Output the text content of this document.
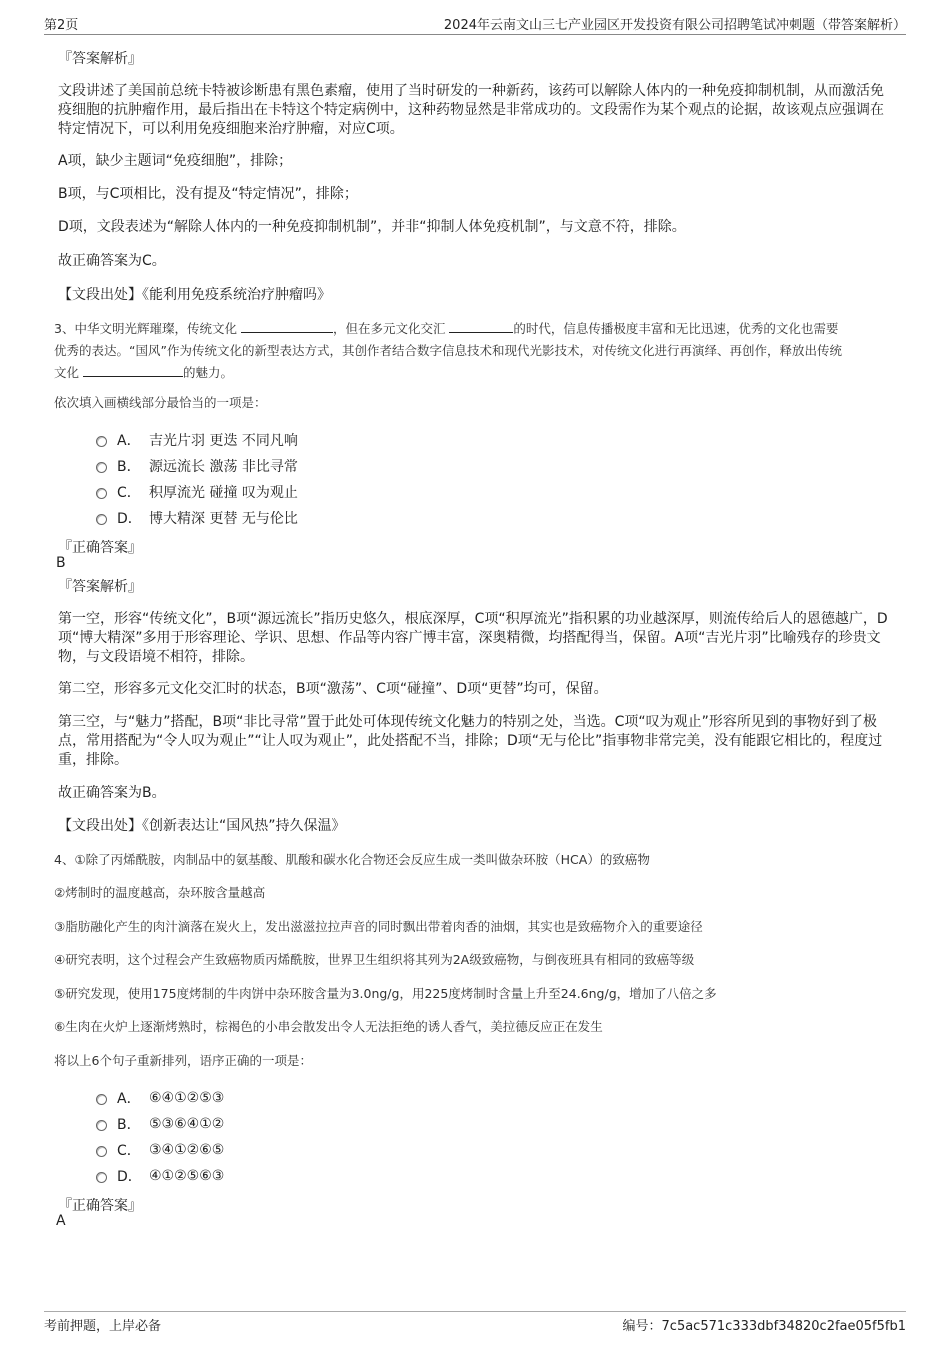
第2页	2024年云南文山三七产业园区开发投资有限公司招聘笔试冲刺题（带答案解析）
『答案解析』
文段讲述了美国前总统卡特被诊断患有黑色素瘤，使用了当时研发的一种新药，该药可以解除人体内的一种免疫抑制机制，从而激活免疫细胞的抗肿瘤作用，最后指出在卡特这个特定病例中，这种药物显然是非常成功的。文段需作为某个观点的论据，故该观点应强调在特定情况下，可以利用免疫细胞来治疗肿瘤，对应C项。
A项，缺少主题词“免疫细胞”，排除；
B项，与C项相比，没有提及“特定情况”，排除；
D项，文段表述为“解除人体内的一种免疫抑制机制”，并非“抑制人体免疫机制”，与文意不符，排除。
故正确答案为C。
【文段出处】《能利用免疫系统治疗肿瘤吗》
3、中华文明光辉璀璨，传统文化	，但在多元文化交汇	的时代，信息传播极度丰富和无比迅速，优秀的文化也需要
优秀的表达。“国风”作为传统文化的新型表达方式，其创作者结合数字信息技术和现代光影技术，对传统文化进行再演绎、再创作，释放出传统
文化	的魅力。
依次填入画横线部分最恰当的一项是：
A． 吉光片羽 更迭 不同凡响
B． 源远流长 激荡 非比寻常
C． 积厚流光 碰撞 叹为观止
D． 博大精深 更替 无与伦比
『正确答案』
B
『答案解析』
第一空，形容“传统文化”，B项“源远流长”指历史悠久，根底深厚，C项“积厚流光”指积累的功业越深厚，则流传给后人的恩德越广，D项“博大精深”多用于形容理论、学识、思想、作品等内容广博丰富，深奥精微，均搭配得当，保留。A项“吉光片羽”比喻残存的珍贵文物，与文段语境不相符，排除。
第二空，形容多元文化交汇时的状态，B项“激荡”、C项“碰撞”、D项“更替”均可，保留。
第三空，与“魅力”搭配，B项“非比寻常”置于此处可体现传统文化魅力的特别之处，当选。C项“叹为观止”形容所见到的事物好到了极点，常用搭配为“令人叹为观止”“让人叹为观止”，此处搭配不当，排除；D项“无与伦比”指事物非常完美，没有能跟它相比的，程度过重，排除。
故正确答案为B。
【文段出处】《创新表达让“国风热”持久保温》
4、①除了丙烯酰胺，肉制品中的氨基酸、肌酸和碳水化合物还会反应生成一类叫做杂环胺（HCA）的致癌物
②烤制时的温度越高，杂环胺含量越高
③脂肪融化产生的肉汁滴落在炭火上，发出滋滋拉拉声音的同时飘出带着肉香的油烟，其实也是致癌物介入的重要途径
④研究表明，这个过程会产生致癌物质丙烯酰胺，世界卫生组织将其列为2A级致癌物，与倒夜班具有相同的致癌等级
⑤研究发现，使用175度烤制的牛肉饼中杂环胺含量为3.0ng/g，用225度烤制时含量上升至24.6ng/g，增加了八倍之多
⑥生肉在火炉上逐渐烤熟时，棕褐色的小串会散发出令人无法拒绝的诱人香气，美拉德反应正在发生
将以上6个句子重新排列，语序正确的一项是：
A． ⑥④①②⑤③
B． ⑤③⑥④①②
C． ③④①②⑥⑤
D． ④①②⑤⑥③
『正确答案』
A
考前押题，上岸必备	编号：7c5ac571c333dbf34820c2fae05f5fb1
